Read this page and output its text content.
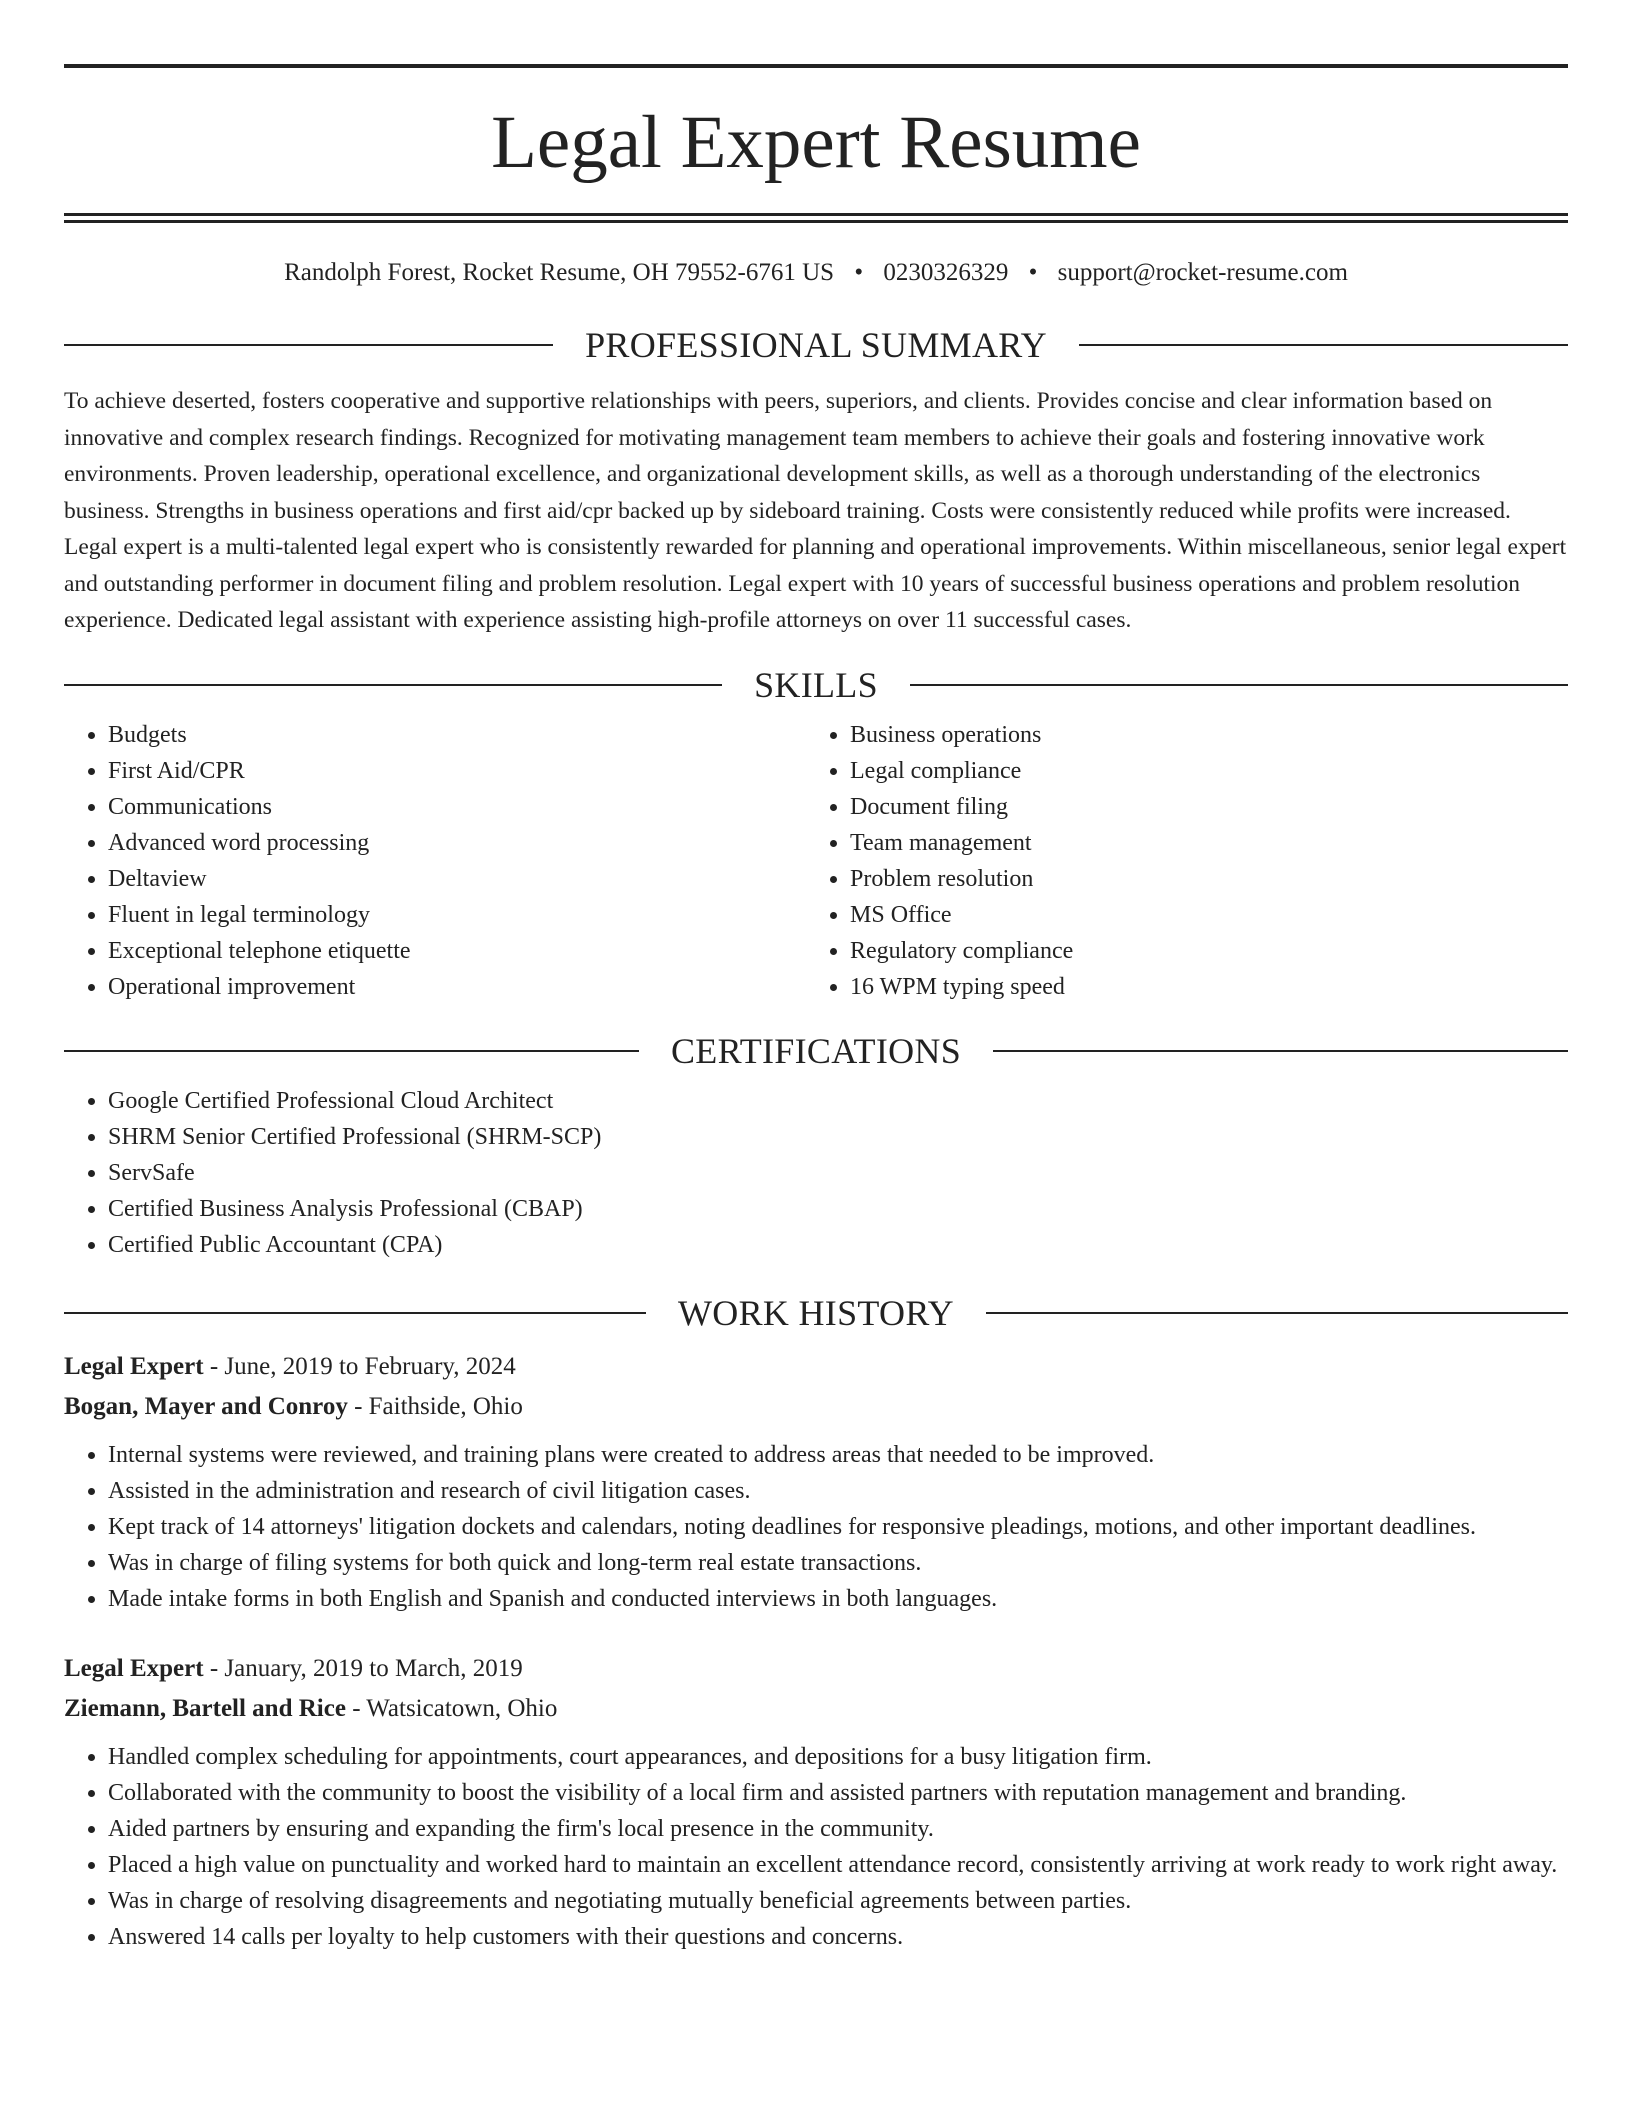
Legal Expert Resume
Randolph Forest, Rocket Resume, OH 79552-6761 US • 0230326329 • support@rocket-resume.com
PROFESSIONAL SUMMARY

To achieve deserted, fosters cooperative and supportive relationships with peers, superiors, and clients. Provides concise and clear information based on innovative and complex research findings. Recognized for motivating management team members to achieve their goals and fostering innovative work environments. Proven leadership, operational excellence, and organizational development skills, as well as a thorough understanding of the electronics business. Strengths in business operations and first aid/cpr backed up by sideboard training. Costs were consistently reduced while profits were increased. Legal expert is a multi-talented legal expert who is consistently rewarded for planning and operational improvements. Within miscellaneous, senior legal expert and outstanding performer in document filing and problem resolution. Legal expert with 10 years of successful business operations and problem resolution experience. Dedicated legal assistant with experience assisting high-profile attorneys on over 11 successful cases.

SKILLS
• Budgets
• First Aid/CPR
• Communications
• Advanced word processing
• Deltaview
• Fluent in legal terminology
• Exceptional telephone etiquette
• Operational improvement
• Business operations
• Legal compliance
• Document filing
• Team management
• Problem resolution
• MS Office
• Regulatory compliance
• 16 WPM typing speed
CERTIFICATIONS
• Google Certified Professional Cloud Architect
• SHRM Senior Certified Professional (SHRM-SCP)
• ServSafe
• Certified Business Analysis Professional (CBAP)
• Certified Public Accountant (CPA)
WORK HISTORY
Legal Expert - June, 2019 to February, 2024
Bogan, Mayer and Conroy - Faithside, Ohio
• Internal systems were reviewed, and training plans were created to address areas that needed to be improved.
• Assisted in the administration and research of civil litigation cases.
• Kept track of 14 attorneys' litigation dockets and calendars, noting deadlines for responsive pleadings, motions, and other important deadlines.
• Was in charge of filing systems for both quick and long-term real estate transactions.
• Made intake forms in both English and Spanish and conducted interviews in both languages.
Legal Expert - January, 2019 to March, 2019
Ziemann, Bartell and Rice - Watsicatown, Ohio
• Handled complex scheduling for appointments, court appearances, and depositions for a busy litigation firm.
• Collaborated with the community to boost the visibility of a local firm and assisted partners with reputation management and branding.
• Aided partners by ensuring and expanding the firm's local presence in the community.
• Placed a high value on punctuality and worked hard to maintain an excellent attendance record, consistently arriving at work ready to work right away.
• Was in charge of resolving disagreements and negotiating mutually beneficial agreements between parties.
• Answered 14 calls per loyalty to help customers with their questions and concerns.
